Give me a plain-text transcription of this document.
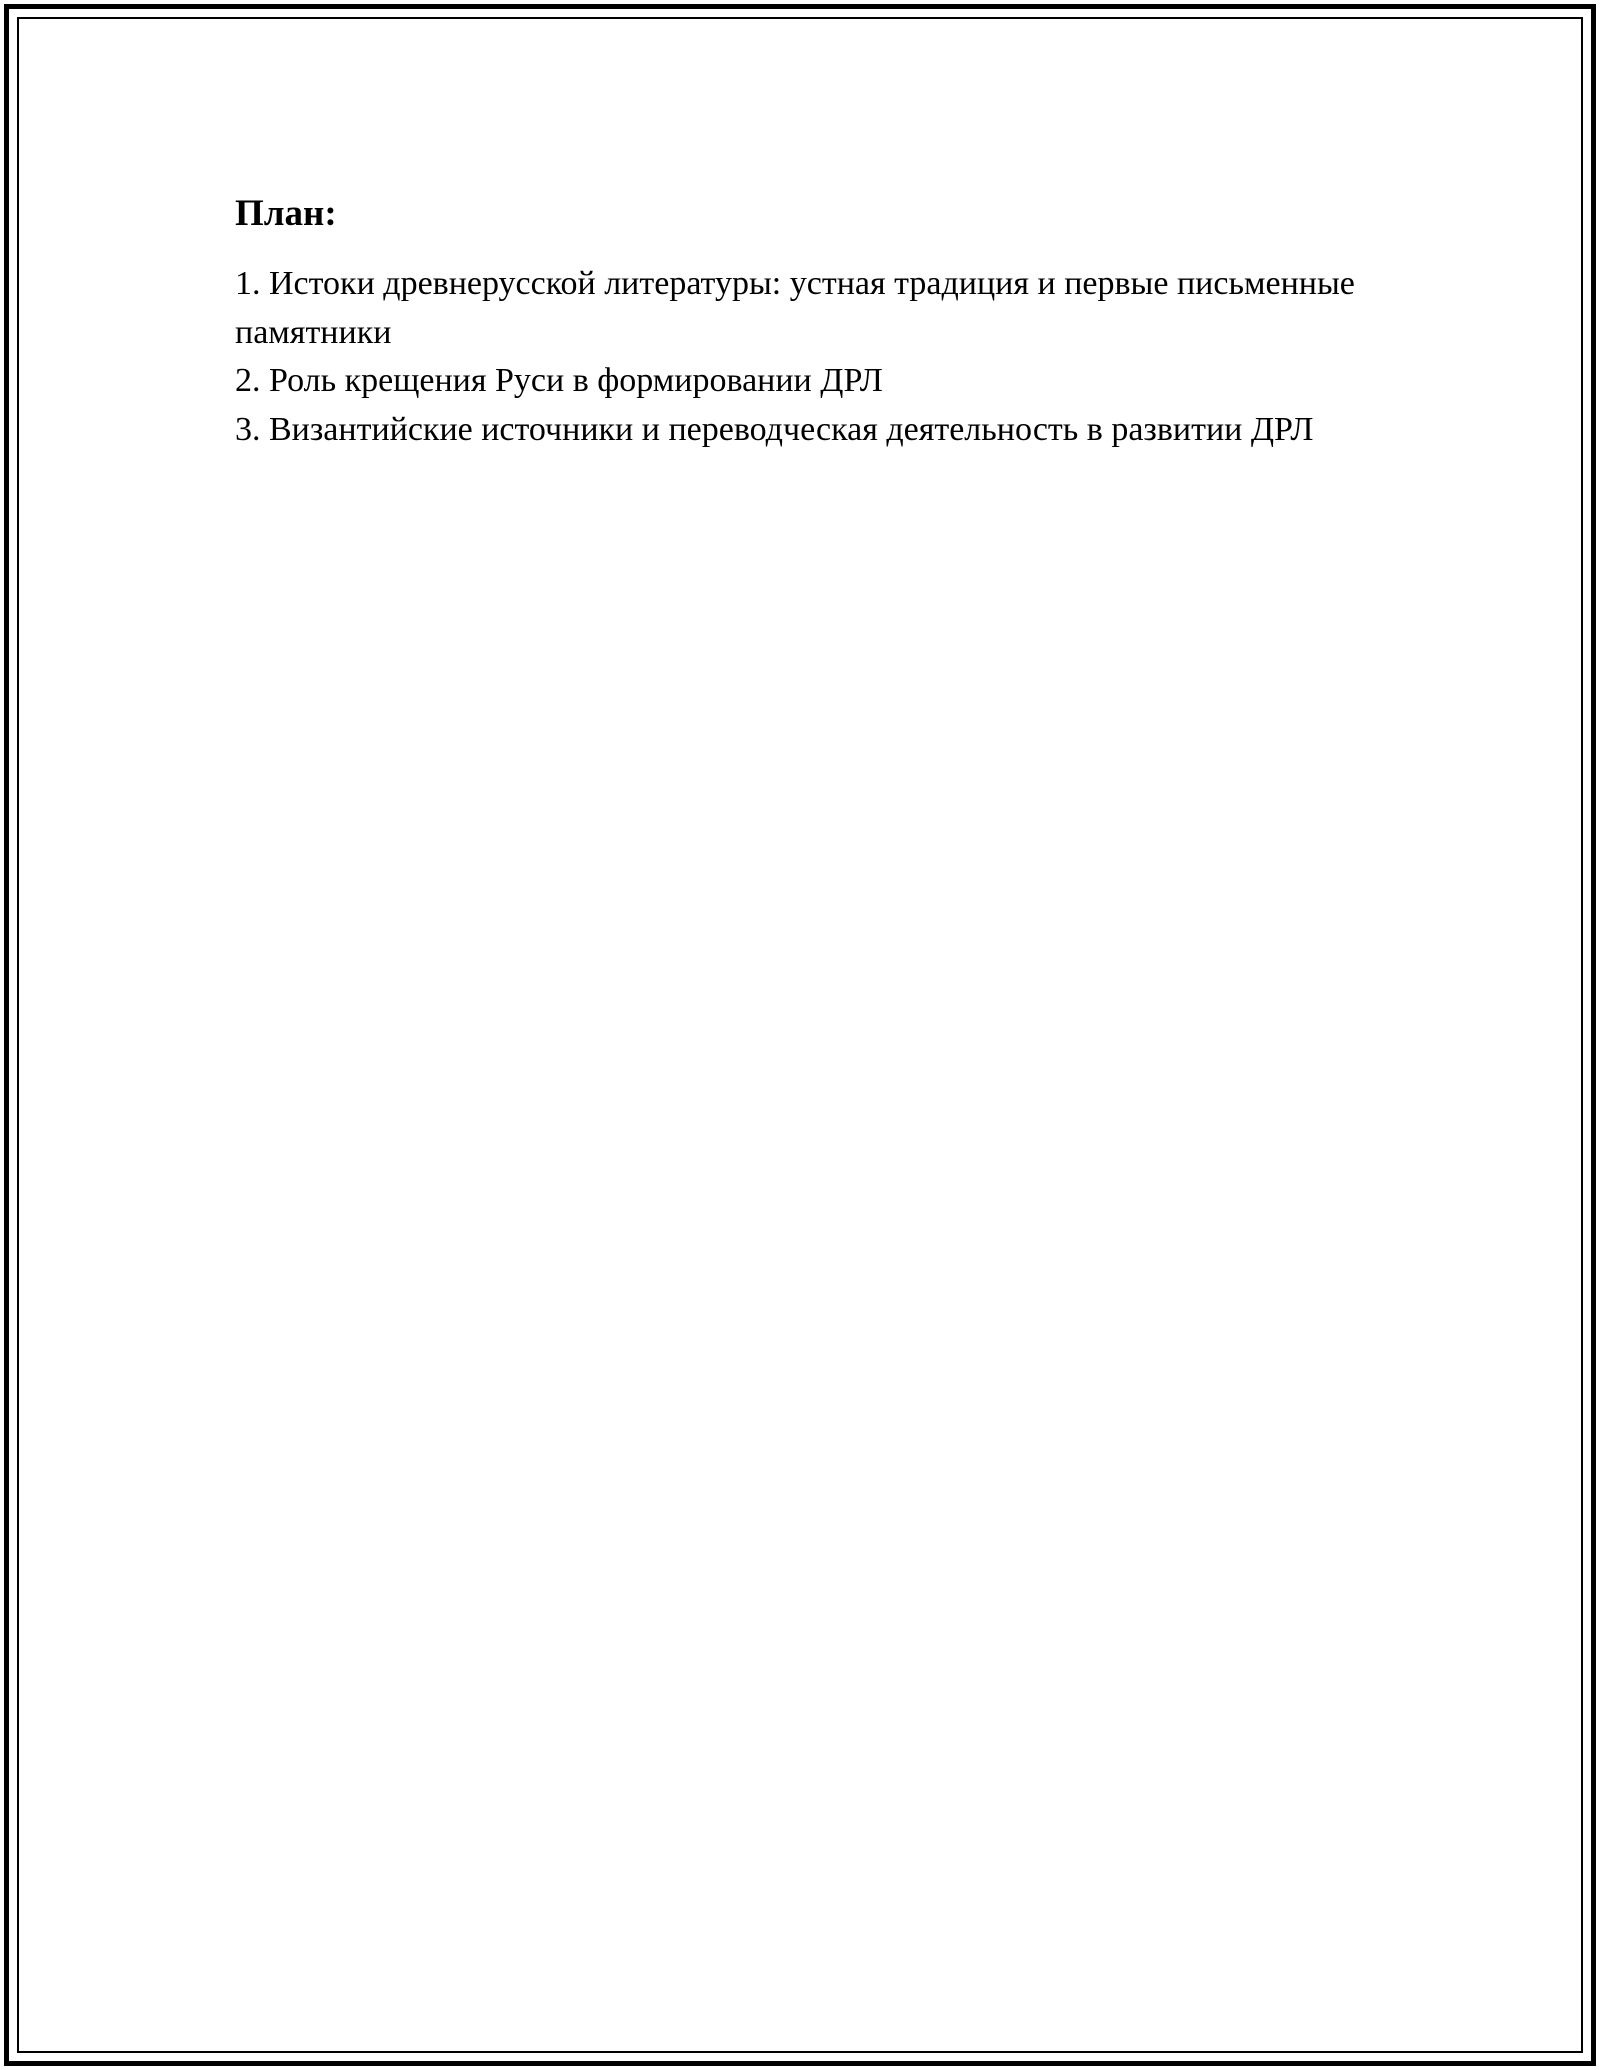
План:
1. Истоки древнерусской литературы: устная традиция и первые письменные памятники
2. Роль крещения Руси в формировании ДРЛ
3. Византийские источники и переводческая деятельность в развитии ДРЛ
